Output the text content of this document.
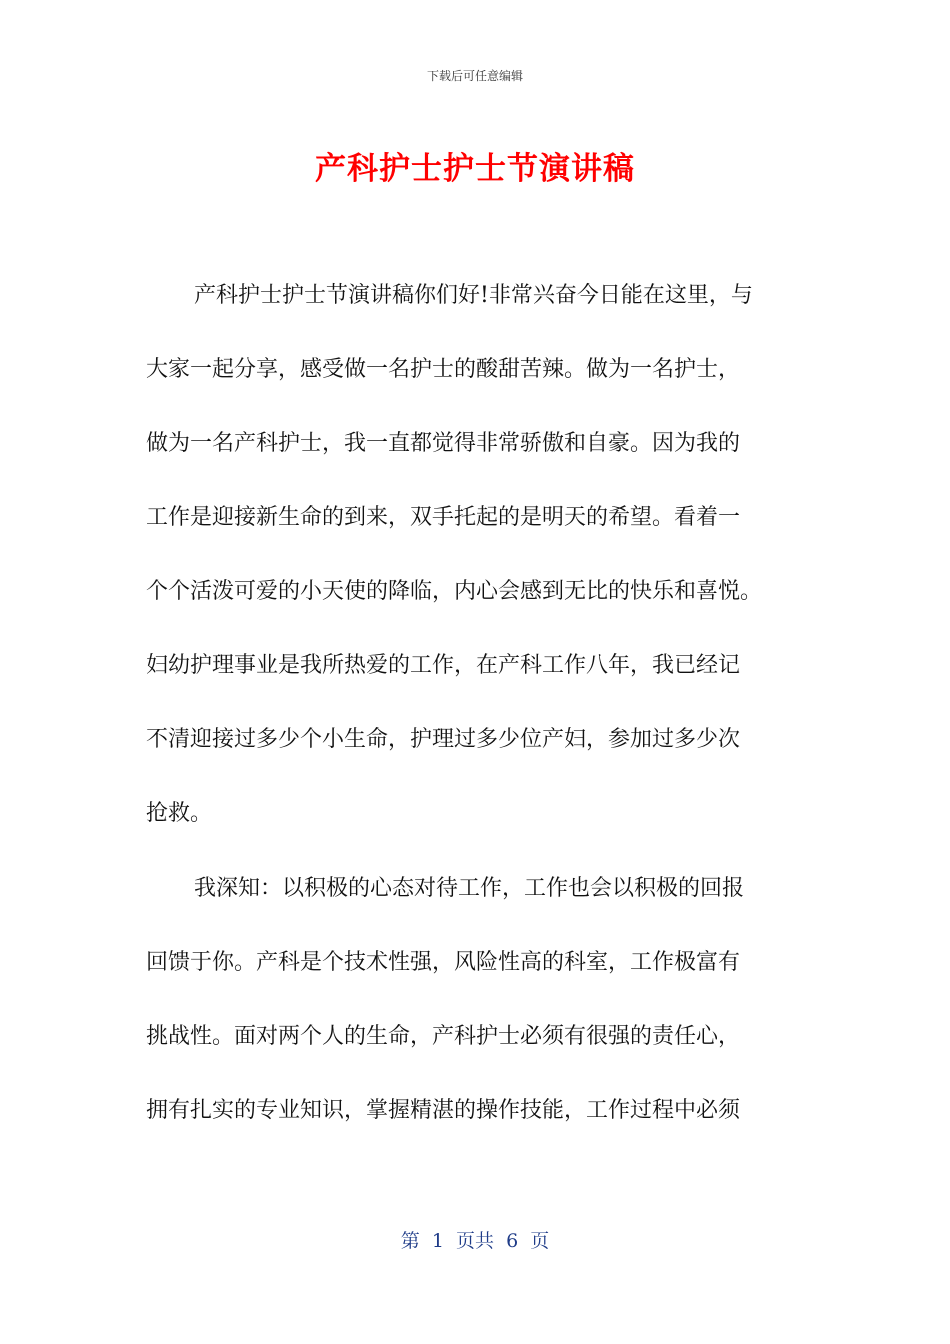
下载后可任意编辑
产科护士护士节演讲稿
产科护士护士节演讲稿你们好!非常兴奋今日能在这里，与
大家一起分享，感受做一名护士的酸甜苦辣。做为一名护士，
做为一名产科护士，我一直都觉得非常骄傲和自豪。因为我的
工作是迎接新生命的到来，双手托起的是明天的希望。看着一
个个活泼可爱的小天使的降临，内心会感到无比的快乐和喜悦。
妇幼护理事业是我所热爱的工作，在产科工作八年，我已经记
不清迎接过多少个小生命，护理过多少位产妇，参加过多少次
抢救。
我深知：以积极的心态对待工作，工作也会以积极的回报
回馈于你。产科是个技术性强，风险性高的科室，工作极富有
挑战性。面对两个人的生命，产科护士必须有很强的责任心，
拥有扎实的专业知识，掌握精湛的操作技能，工作过程中必须
第  1  页共  6  页
